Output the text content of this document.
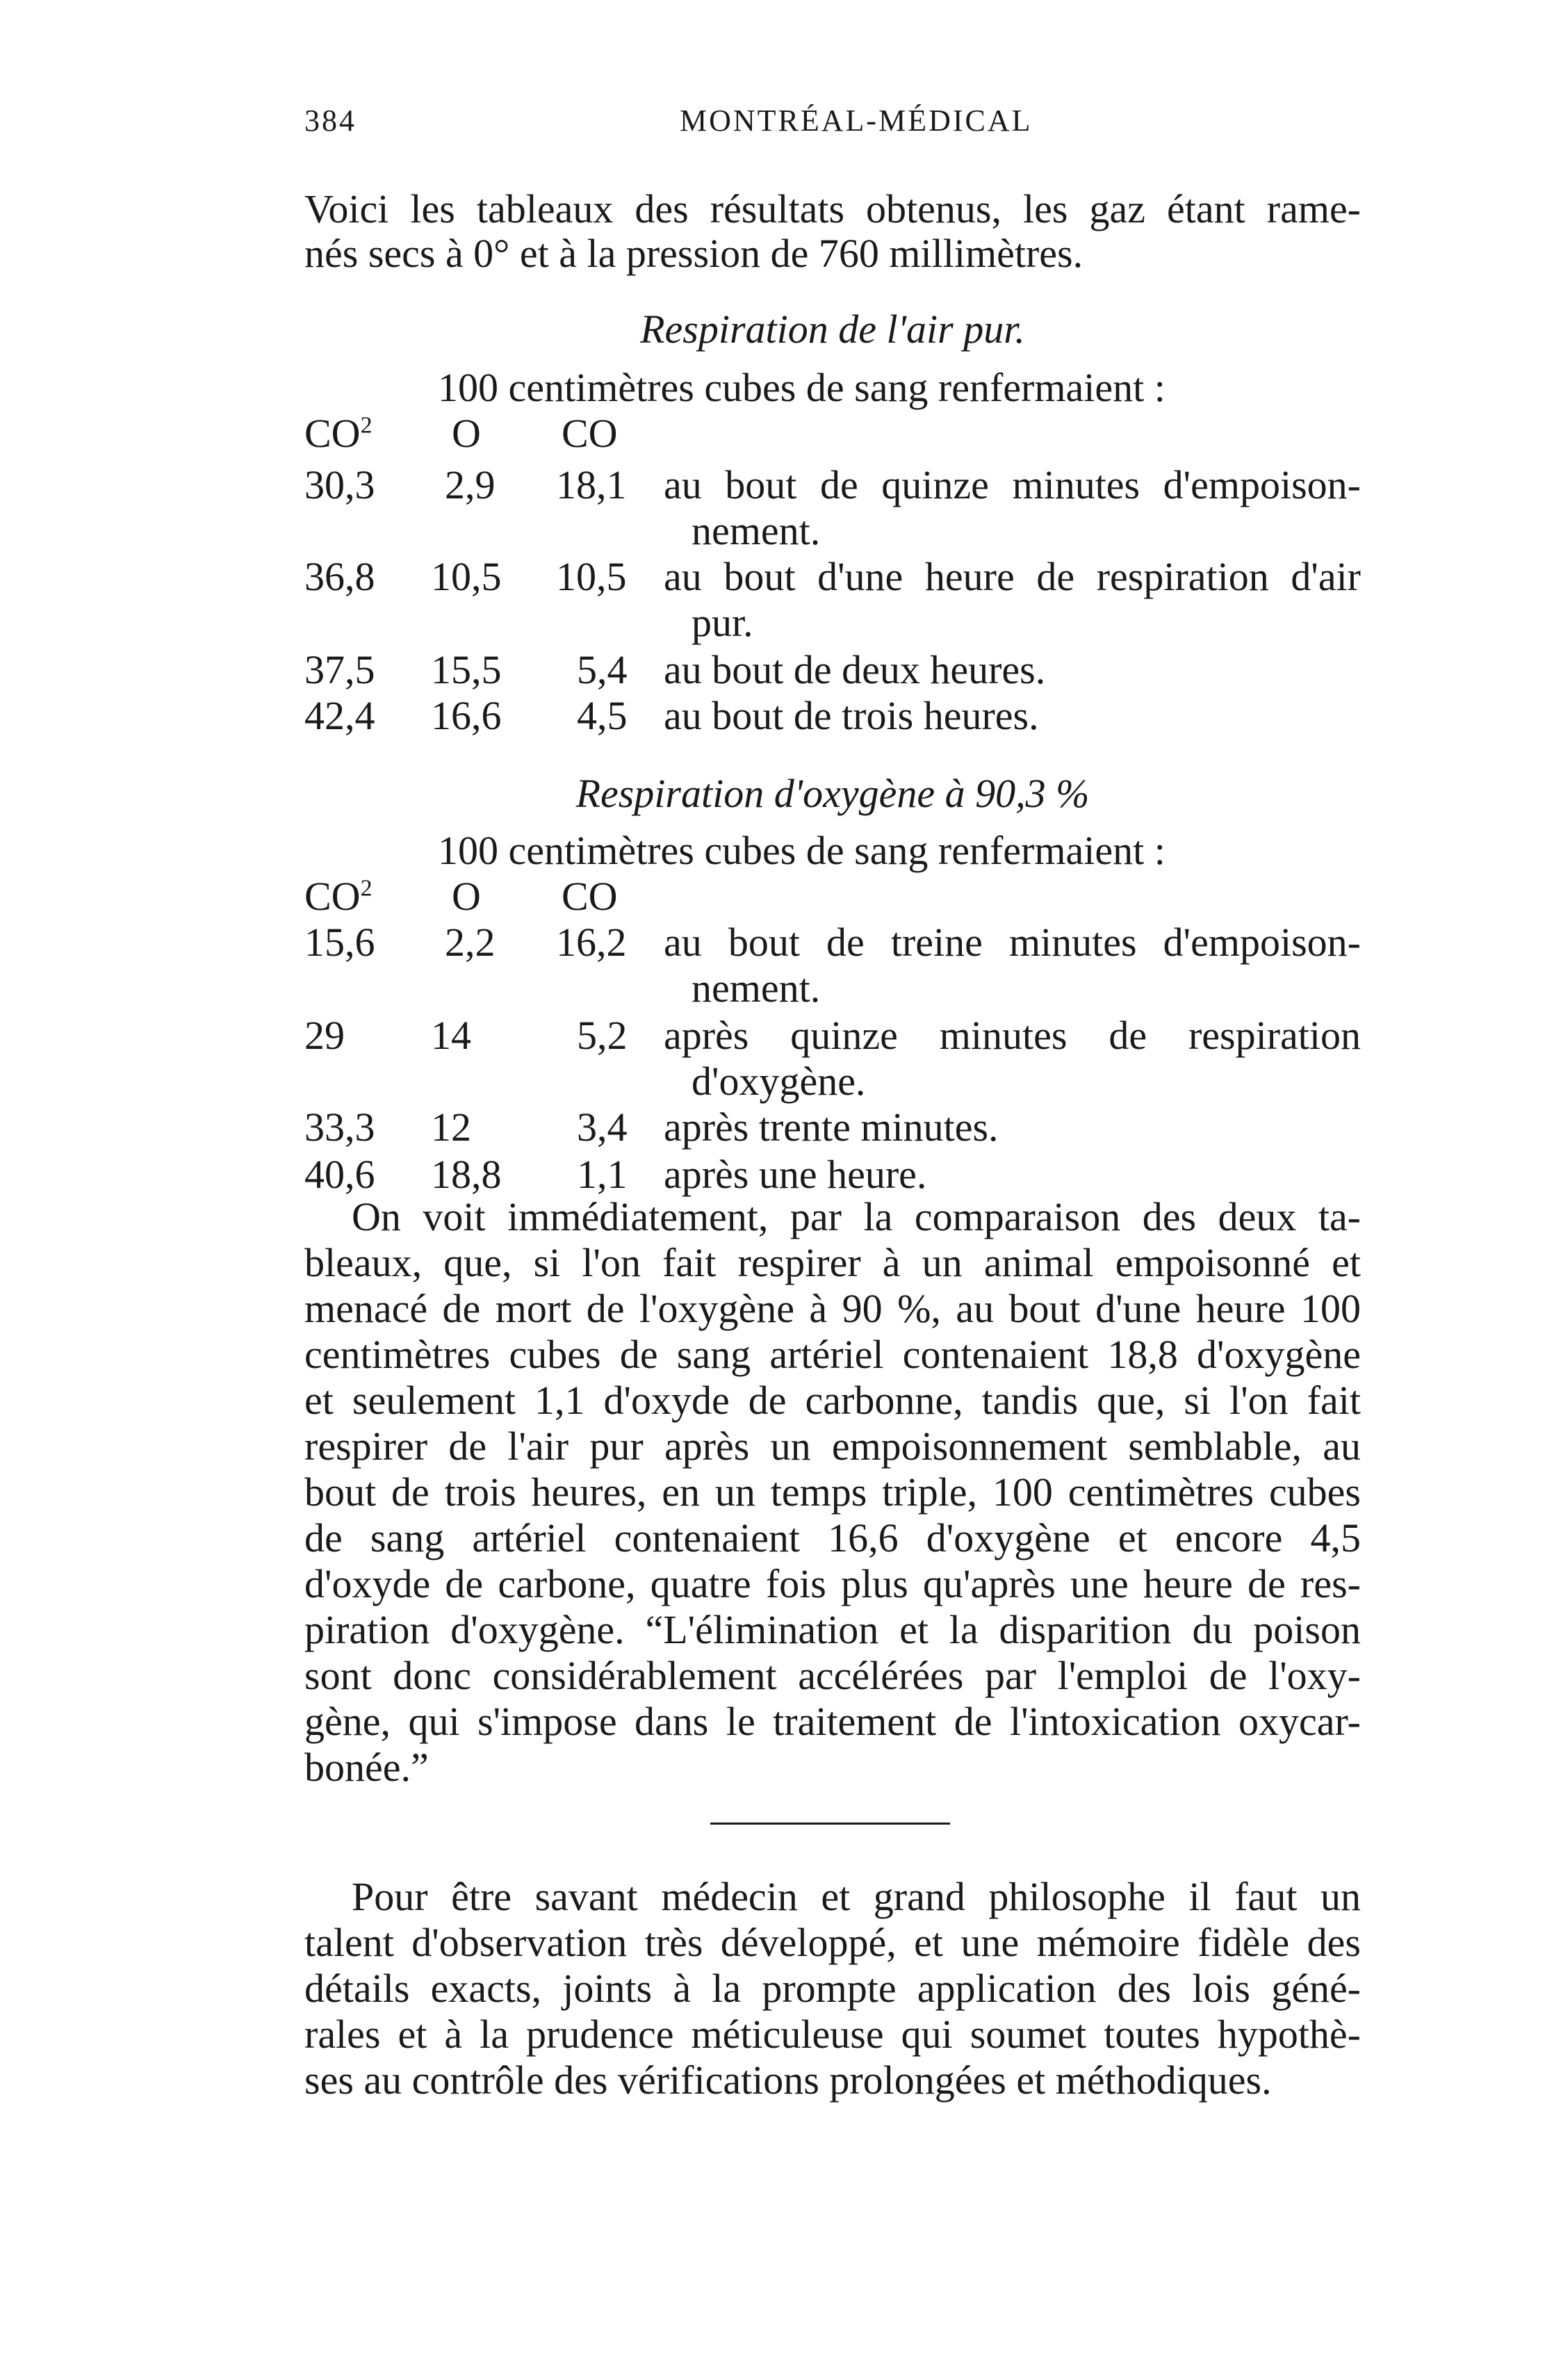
384	MONTRÉAL-MÉDICAL
Voici les tableaux des résultats obtenus, les gaz étant rame-
nés secs à 0° et à la pression de 760 millimètres.
Respiration de l'air pur.
100 centimètres cubes de sang renfermaient :
$CO^2$ O CO
30,3 2,9 18,1 au bout de quinze minutes d'empoison-
nement.
36,8 10,5 10,5 au bout d'une heure de respiration d'air
pur.
37,5 15,5 5,4 au bout de deux heures.
42,4 16,6 4,5 au bout de trois heures.
Respiration d'oxygène à 90,3 %
100 centimètres cubes de sang renfermaient :
$CO^2$ O CO
15,6 2,2 16,2 au bout de treine minutes d'empoison-
nement.
29 14	5,2 après quinze minutes de respiration
d'oxygène.
33,3 12	3,4 après trente minutes.
40,6 18,8 1,1 après une heure.
On voit immédiatement, par la comparaison des deux ta-
bleaux, que, si l'on fait respirer à un animal empoisonné et
menacé de mort de l'oxygène à 90 %, au bout d'une heure 100
centimètres cubes de sang artériel contenaient 18,8 d'oxygène
et seulement 1,1 d'oxyde de carbonne, tandis que, si l'on fait
respirer de l'air pur après un empoisonnement semblable, au
bout de trois heures, en un temps triple, 100 centimètres cubes
de sang artériel contenaient 16,6 d'oxygène et encore 4,5
d'oxyde de carbone, quatre fois plus qu'après une heure de res-
piration d'oxygène. “L'élimination et la disparition du poison
sont donc considérablement accélérées par l'emploi de l'oxy-
gène, qui s'impose dans le traitement de l'intoxication oxycar-
bonée.”
Pour être savant médecin et grand philosophe il faut un
talent d'observation très développé, et une mémoire fidèle des
détails exacts, joints à la prompte application des lois géné-
rales et à la prudence méticuleuse qui soumet toutes hypothè-
ses au contrôle des vérifications prolongées et méthodiques.
